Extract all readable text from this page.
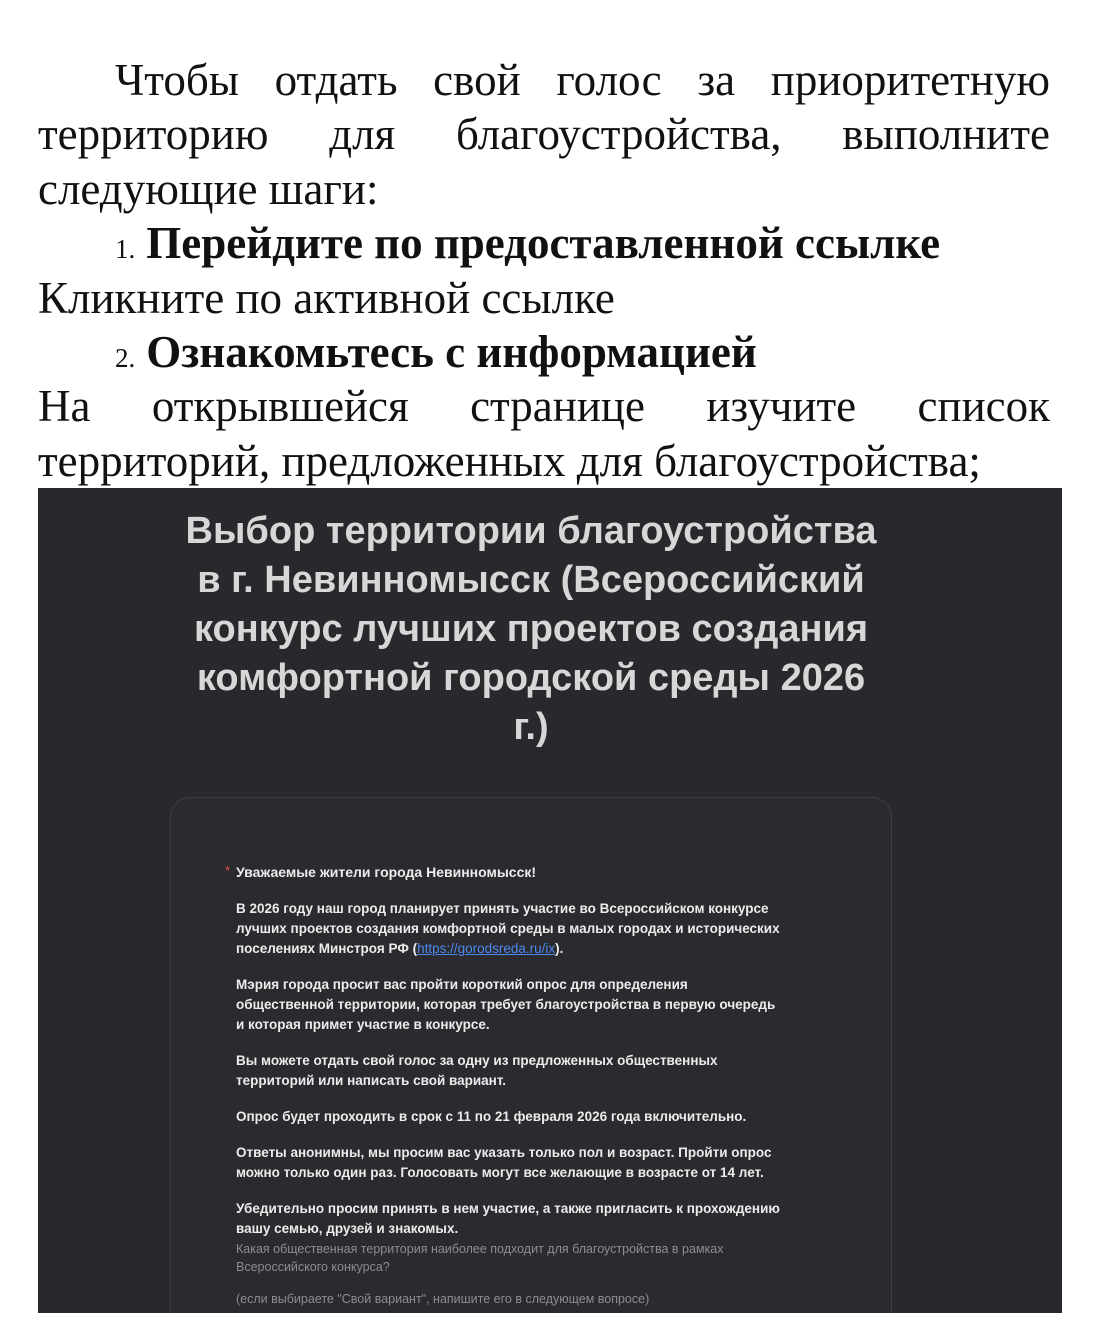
Чтобы отдать свой голос за приоритетную
территорию для благоустройства, выполните
следующие шаги:
1. Перейдите по предоставленной ссылке
Кликните по активной ссылке
2. Ознакомьтесь с информацией
На открывшейся странице изучите список
территорий, предложенных для благоустройства;
Выбор территории благоустройства
в г. Невинномысск (Всероссийский
конкурс лучших проектов создания
комфортной городской среды 2026
г.)
* Уважаемые жители города Невинномысск!
В 2026 году наш город планирует принять участие во Всероссийском конкурсе
лучших проектов создания комфортной среды в малых городах и исторических
поселениях Минстроя РФ (https://gorodsreda.ru/ix).
Мэрия города просит вас пройти короткий опрос для определения
общественной территории, которая требует благоустройства в первую очередь
и которая примет участие в конкурсе.
Вы можете отдать свой голос за одну из предложенных общественных
территорий или написать свой вариант.
Опрос будет проходить в срок с 11 по 21 февраля 2026 года включительно.
Ответы анонимны, мы просим вас указать только пол и возраст. Пройти опрос
можно только один раз. Голосовать могут все желающие в возрасте от 14 лет.
Убедительно просим принять в нем участие, а также пригласить к прохождению
вашу семью, друзей и знакомых.
Какая общественная территория наиболее подходит для благоустройства в рамках
Всероссийского конкурса?
(если выбираете "Свой вариант", напишите его в следующем вопросе)
